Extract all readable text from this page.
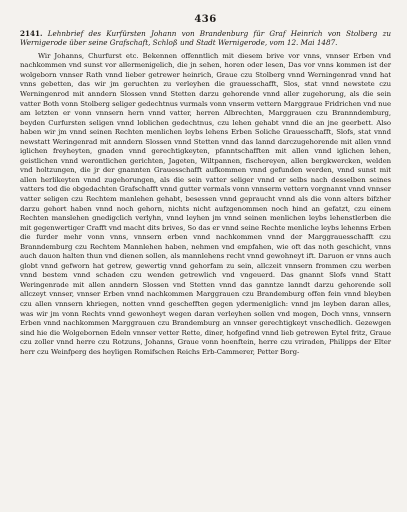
436
2141. Lehnbrief des Kurfürsten Johann von Brandenburg für Graf Heinrich von Stolberg zu Wernigerode über seine Grafschaft, Schloß und Stadt Wernigerode, vom 12. Mai 1487.

Wir Johanns, Churfurst etc. Bekennen offenntlich mit diesem brive vor vnns, vnnser Erben vnd nachkommen vnd sunst vor allermenigelich, die jn sehen, horen oder lesen, Das vor vnns kommen ist der wolgeborn vnnser Rath vnnd lieber getrewer heinrich, Graue czu Stolberg vnnd Werningenrad vnnd hat vnns gebetten, das wir jm geruchten zu verleyhen die grauesschafft, Slos, stat vnnd newstete czu Werningenrod mit anndern Slossen vnnd Stetten darzu gehorende vnnd aller zugehorung, als die sein vatter Both vonn Stolberg seliger gedechtnus vurmals vonn vnserm vettern Marggraue Fridrichen vnd nue am letzten er vonn vnnsern hern vnnd vatter, herren Albrechten, Marggrauen czu Brannndemburg, beyden Curfursten seligen vnnd loblichen gedechtnus, czu lehen gehabt vnnd die an jne geerbett. Also haben wir jm vnnd seinen Rechten menlichen leybs lehens Erben Soliche Grauesschafft, Slofs, stat vnnd newstatt Weringenrad mit anndern Slossen vnnd Stetten vnnd das lannd darczugehorende mit allen vnnd iglichen freyheyten, gnaden vnnd gerechtigkeyten, pfanntschafften mit allen vnnd iglichen lehen, geistlichen vnnd werontlichen gerichten, Jageten, Wiltpannen, fischereyen, allen bergkwercken, welden vnd holtzungen, die jr der gnannten Grauesschafft aufkommen vnnd gefunden werden, vnnd sunst mit allen herlikeyten vnnd zugehorungen, als die sein vatter seliger vnnd er selbs nach desselben seines vatters tod die obgedachten Grafschafft vnnd gutter vermals vonn vnnserm vettern vorgnannt vnnd vnnser vatter seligen czu Rechtem manlehen gehabt, besessen vnnd gepraucht vnnd als die vonn alters bifzher darzu gehort haben vnnd noch gehorn, nichts nicht aufzgenommen noch hind an gefatzt, czu einem Rechten manslehen gnedigclich verlyhn, vnnd leyhen jm vnnd seinen menlichen leybs lehenstlerben die mit gegenwertiger Crafft vnd macht dits brives, So das er vnnd seine Rechte menliche leybs lehenns Erben die furder mehr vonn vnns, vnnsern erben vnnd nachkommen vnnd der Marggrauesschafft czu Branndemburg czu Rechtem Mannlehen haben, nehmen vnd empfahen, wie oft das noth geschicht, vnns auch dauon halten thun vnd dienen sollen, als mannlehens recht vnnd gewohneyt ift. Daruon er vnns auch globt vnnd gefworn hat getrew, gewertig vnnd gehorfam zu sein, allczeit vnnsern frommen czu werben vnnd bestem vnnd schaden czu wenden getrewlich vnd vngeuerd. Das gnannt Slofs vnnd Statt Weringenrade mit allen anndern Slossen vnd Stetten vnnd das ganntze lanndt darzu gehorende soll allczeyt vnnser, vnnser Erben vnnd nachkommen Marggrauen czu Brandemburg offen fein vnnd bleyben czu allen vnnsern khriegen, notten vnnd geschefften gegen ydermeniglich: vnnd jm leyben daran alles, was wir jm vonn Rechts vnnd gewonheyt wegen daran verleyhen sollen vnd mogen, Doch vnns, vnnsern Erben vnnd nachkommen Marggrauen czu Brandemburg an vnnser gerechtigkeyt vnschedlich. Gezewgen sind hie die Wolgebornen Edeln vnnser vetter Rette, diner, hofgefind vnnd lieb getrewen Eytel fritz, Graue czu zoller vnnd herre czu Rotzuns, Johanns, Graue vonn hoenftein, herre czu vriraden, Philipps der Elter herr czu Weinfperg des heyligen Romifschen Reichs Erb-Cammerer, Petter Borg-
